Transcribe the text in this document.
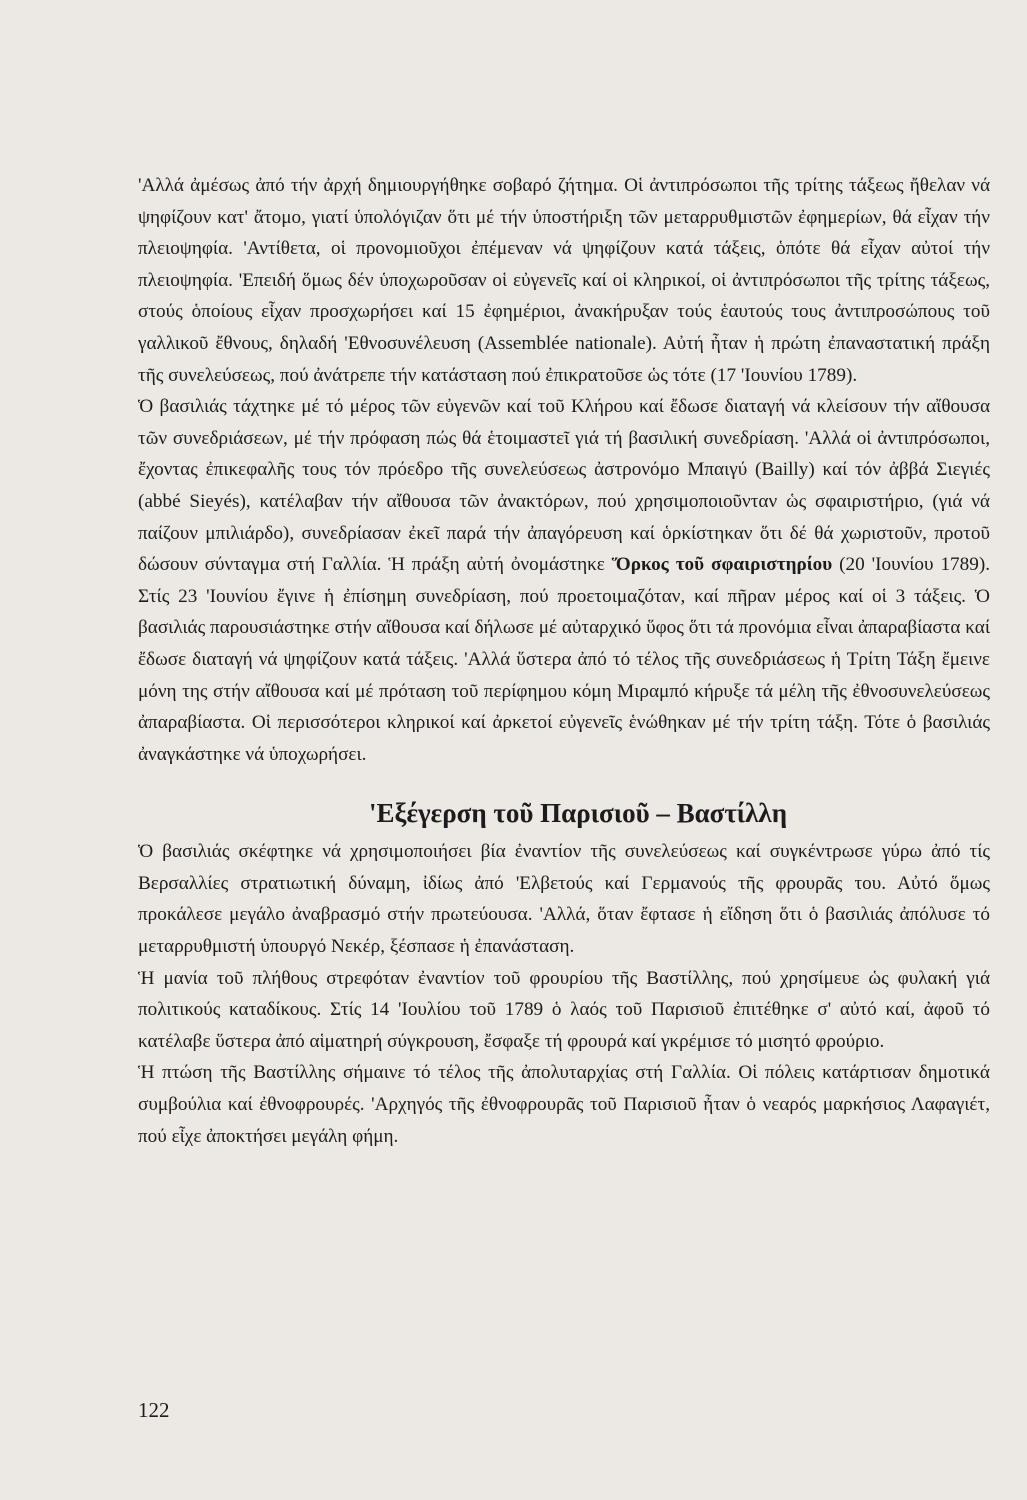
'Αλλά ἀμέσως ἀπό τήν ἀρχή δημιουργήθηκε σοβαρό ζήτημα. Οἱ ἀντιπρόσωποι τῆς τρίτης τάξεως ἤθελαν νά ψηφίζουν κατ' ἄτομο, γιατί ὑπολόγιζαν ὅτι μέ τήν ὑποστήριξη τῶν μεταρρυθμιστῶν ἐφημερίων, θά εἶχαν τήν πλειοψηφία. 'Αντίθετα, οἱ προνομιοῦχοι ἐπέμεναν νά ψηφίζουν κατά τάξεις, ὁπότε θά εἶχαν αὐτοί τήν πλειοψηφία. 'Επειδή ὅμως δέν ὑποχωροῦσαν οἱ εὐγενεῖς καί οἱ κληρικοί, οἱ ἀντιπρόσωποι τῆς τρίτης τάξεως, στούς ὁποίους εἶχαν προσχωρήσει καί 15 ἐφημέριοι, ἀνακήρυξαν τούς ἑαυτούς τους ἀντιπροσώπους τοῦ γαλλικοῦ ἔθνους, δηλαδή 'Εθνοσυνέλευση (Assemblée nationale). Αὐτή ἦταν ἡ πρώτη ἐπαναστατική πράξη τῆς συνελεύσεως, πού ἀνάτρεπε τήν κατάσταση πού ἐπικρατοῦσε ὡς τότε (17 'Ιουνίου 1789).

Ὁ βασιλιάς τάχτηκε μέ τό μέρος τῶν εὐγενῶν καί τοῦ Κλήρου καί ἔδωσε διαταγή νά κλείσουν τήν αἴθουσα τῶν συνεδριάσεων, μέ τήν πρόφαση πώς θά ἑτοιμαστεῖ γιά τή βασιλική συνεδρίαση. 'Αλλά οἱ ἀντιπρόσωποι, ἔχοντας ἐπικεφαλῆς τους τόν πρόεδρο τῆς συνελεύσεως ἀστρονόμο Μπαιγύ (Bailly) καί τόν ἀββά Σιεγιές (abbé Sieyés), κατέλαβαν τήν αἴθουσα τῶν ἀνακτόρων, πού χρησιμοποιοῦνταν ὡς σφαιριστήριο, (γιά νά παίζουν μπιλιάρδο), συνεδρίασαν ἐκεῖ παρά τήν ἀπαγόρευση καί ὁρκίστηκαν ὅτι δέ θά χωριστοῦν, προτοῦ δώσουν σύνταγμα στή Γαλλία. Ἡ πράξη αὐτή ὀνομάστηκε Ὅρκος τοῦ σφαιριστηρίου (20 'Ιουνίου 1789). Στίς 23 'Ιουνίου ἔγινε ἡ ἐπίσημη συνεδρίαση, πού προετοιμαζόταν, καί πῆραν μέρος καί οἱ 3 τάξεις. Ὁ βασιλιάς παρουσιάστηκε στήν αἴθουσα καί δήλωσε μέ αὐταρχικό ὕφος ὅτι τά προνόμια εἶναι ἀπαραβίαστα καί ἔδωσε διαταγή νά ψηφίζουν κατά τάξεις. 'Αλλά ὕστερα ἀπό τό τέλος τῆς συνεδριάσεως ἡ Τρίτη Τάξη ἔμεινε μόνη της στήν αἴθουσα καί μέ πρόταση τοῦ περίφημου κόμη Μιραμπό κήρυξε τά μέλη τῆς ἐθνοσυνελεύσεως ἀπαραβίαστα. Οἱ περισσότεροι κληρικοί καί ἀρκετοί εὐγενεῖς ἑνώθηκαν μέ τήν τρίτη τάξη. Τότε ὁ βασιλιάς ἀναγκάστηκε νά ὑποχωρήσει.

'Εξέγερση τοῦ Παρισιοῦ – Βαστίλλη

Ὁ βασιλιάς σκέφτηκε νά χρησιμοποιήσει βία ἐναντίον τῆς συνελεύσεως καί συγκέντρωσε γύρω ἀπό τίς Βερσαλλίες στρατιωτική δύναμη, ἰδίως ἀπό 'Ελβετούς καί Γερμανούς τῆς φρουρᾶς του. Αὐτό ὅμως προκάλεσε μεγάλο ἀναβρασμό στήν πρωτεύουσα. 'Αλλά, ὅταν ἔφτασε ἡ εἴδηση ὅτι ὁ βασιλιάς ἀπόλυσε τό μεταρρυθμιστή ὑπουργό Νεκέρ, ξέσπασε ἡ ἐπανάσταση.

Ἡ μανία τοῦ πλήθους στρεφόταν ἐναντίον τοῦ φρουρίου τῆς Βαστίλλης, πού χρησίμευε ὡς φυλακή γιά πολιτικούς καταδίκους. Στίς 14 'Ιουλίου τοῦ 1789 ὁ λαός τοῦ Παρισιοῦ ἐπιτέθηκε σ' αὐτό καί, ἀφοῦ τό κατέλαβε ὕστερα ἀπό αἱματηρή σύγκρουση, ἔσφαξε τή φρουρά καί γκρέμισε τό μισητό φρούριο.

Ἡ πτώση τῆς Βαστίλλης σήμαινε τό τέλος τῆς ἀπολυταρχίας στή Γαλλία. Οἱ πόλεις κατάρτισαν δημοτικά συμβούλια καί ἐθνοφρουρές. 'Αρχηγός τῆς ἐθνοφρουρᾶς τοῦ Παρισιοῦ ἦταν ὁ νεαρός μαρκήσιος Λαφαγιέτ, πού εἶχε ἀποκτήσει μεγάλη φήμη.

122
